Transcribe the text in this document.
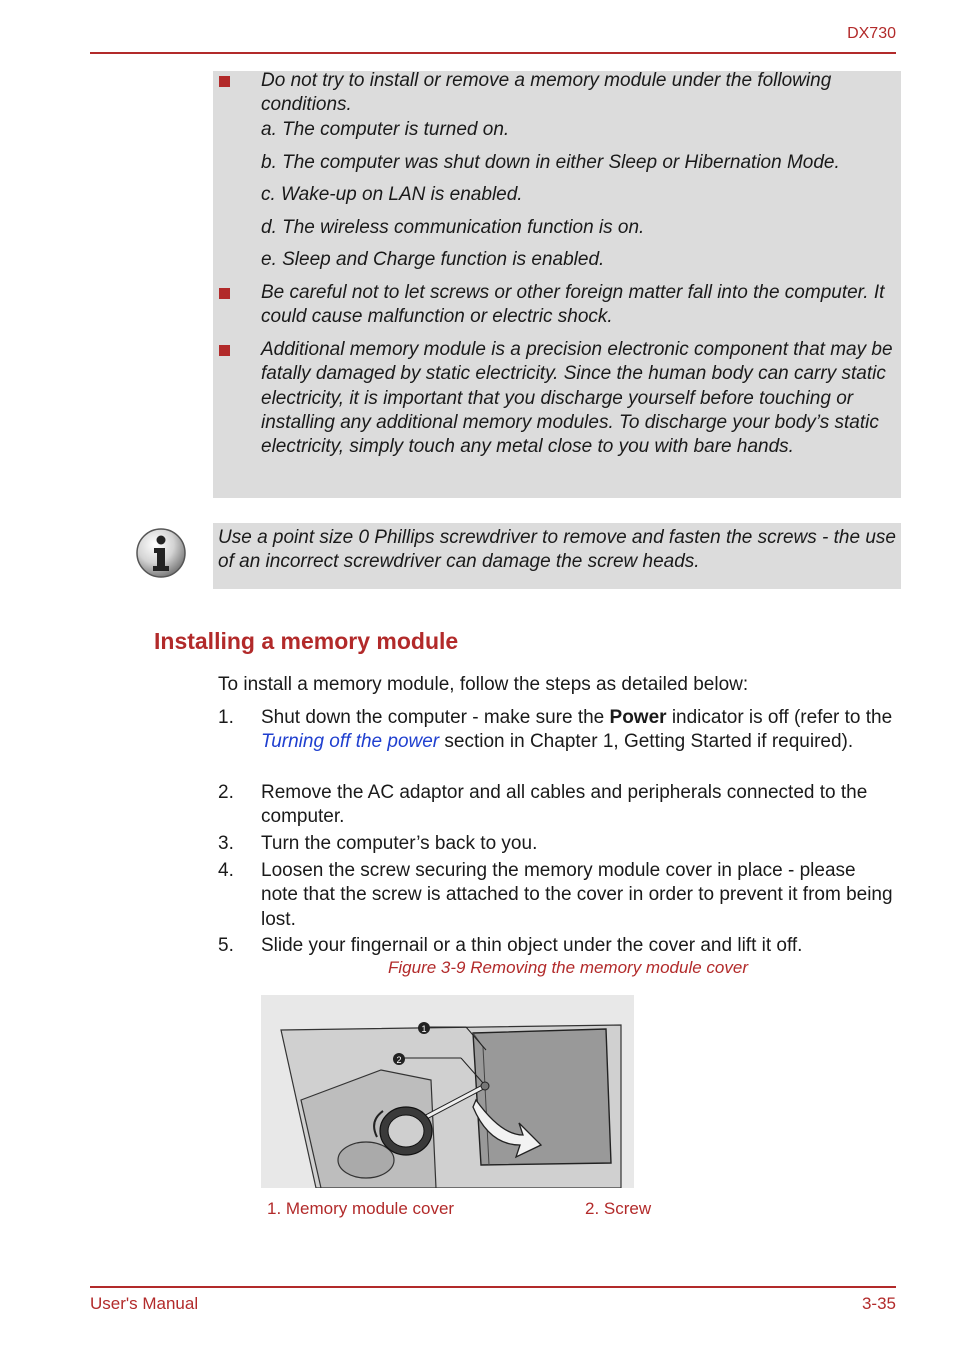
DX730
Do not try to install or remove a memory module under the following conditions.
a. The computer is turned on.
b. The computer was shut down in either Sleep or Hibernation Mode.
c. Wake-up on LAN is enabled.
d. The wireless communication function is on.
e. Sleep and Charge function is enabled.
Be careful not to let screws or other foreign matter fall into the computer. It could cause malfunction or electric shock.
Additional memory module is a precision electronic component that may be fatally damaged by static electricity. Since the human body can carry static electricity, it is important that you discharge yourself before touching or installing any additional memory modules. To discharge your body’s static electricity, simply touch any metal close to you with bare hands.
Use a point size 0 Phillips screwdriver to remove and fasten the screws - the use of an incorrect screwdriver can damage the screw heads.
Installing a memory module
To install a memory module, follow the steps as detailed below:
1. Shut down the computer - make sure the Power indicator is off (refer to the Turning off the power section in Chapter 1, Getting Started if required).
2. Remove the AC adaptor and all cables and peripherals connected to the computer.
3. Turn the computer’s back to you.
4. Loosen the screw securing the memory module cover in place - please note that the screw is attached to the cover in order to prevent it from being lost.
5. Slide your fingernail or a thin object under the cover and lift it off.
Figure 3-9 Removing the memory module cover
1
2
1. Memory module cover	2. Screw
User's Manual	3-35
